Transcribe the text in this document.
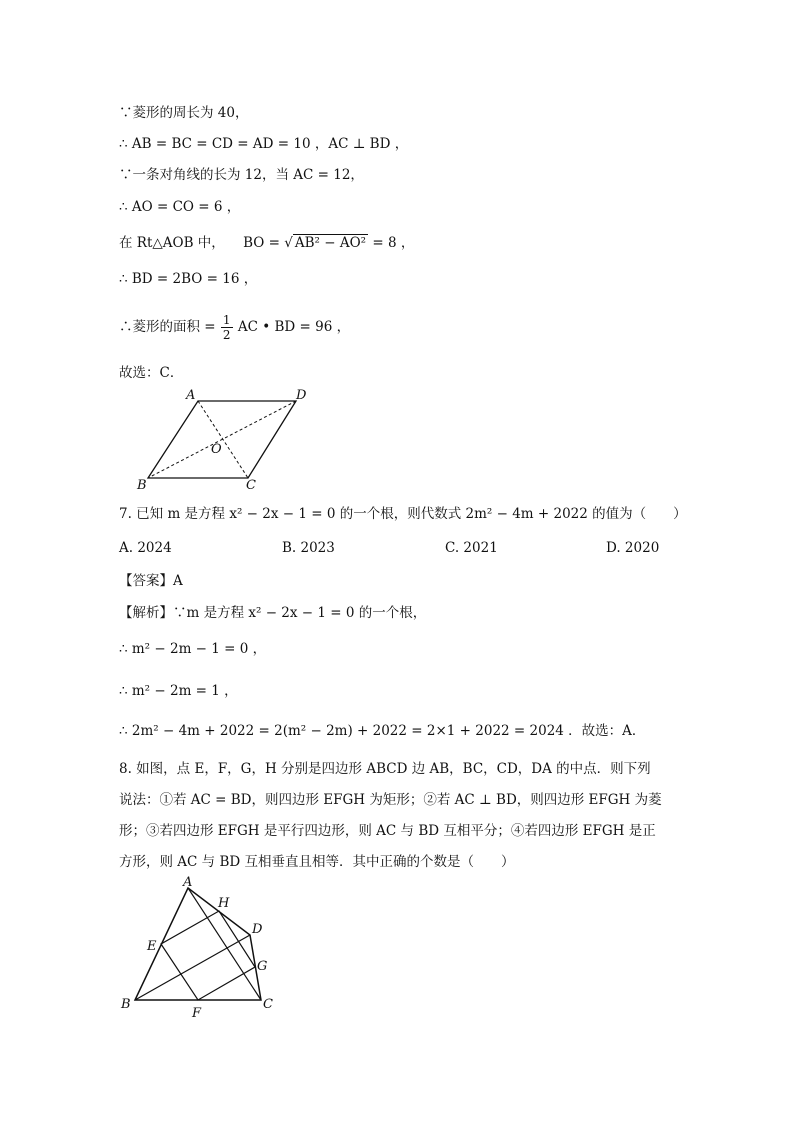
∵菱形的周长为 40，
∴ AB = BC = CD = AD = 10 ，AC ⊥ BD ，
∵一条对角线的长为 12，当 AC = 12，
∴ AO = CO = 6 ，
在 Rt△AOB 中， BO = √ AB² − AO² = 8 ，
∴ BD = 2BO = 16 ，
∴菱形的面积 = $\frac{1}{2}$ AC • BD = 96 ，
故选：C．
A	D
O
B	C
7. 已知 m 是方程 x² − 2x − 1 = 0 的一个根，则代数式 2m² − 4m + 2022 的值为（　　）
A. 2024	B. 2023	C. 2021	D. 2020
【答案】A
【解析】∵m 是方程 x² − 2x − 1 = 0 的一个根，
∴ m² − 2m − 1 = 0 ，
∴ m² − 2m = 1 ，
∴ 2m² − 4m + 2022 = 2(m² − 2m) + 2022 = 2×1 + 2022 = 2024 ．故选：A．
8. 如图，点 E，F，G，H 分别是四边形 ABCD 边 AB，BC，CD，DA 的中点．则下列
说法：①若 AC = BD，则四边形 EFGH 为矩形；②若 AC ⊥ BD，则四边形 EFGH 为菱
形；③若四边形 EFGH 是平行四边形，则 AC 与 BD 互相平分；④若四边形 EFGH 是正
方形，则 AC 与 BD 互相垂直且相等．其中正确的个数是（　　）
A
H
D
E
G
B
F
C
